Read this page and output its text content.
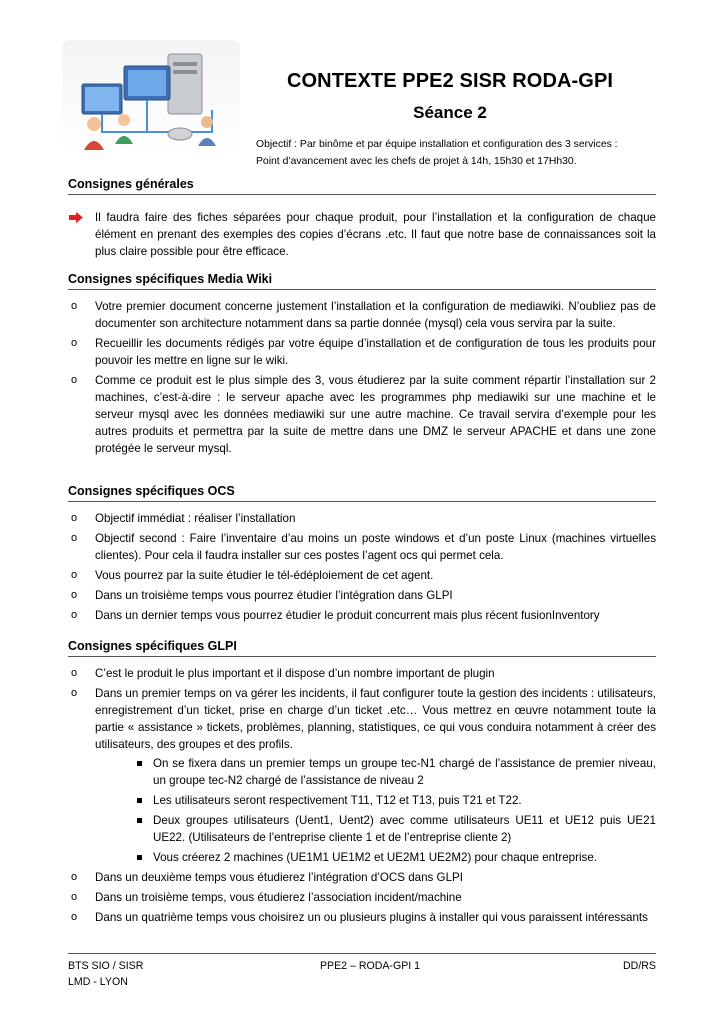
CONTEXTE PPE2 SISR RODA-GPI
Séance 2
Objectif : Par binôme et par équipe installation et configuration des 3 services :
Point d’avancement avec les chefs de projet à 14h, 15h30 et 17Hh30.
Consignes générales
Il faudra faire des fiches séparées pour chaque produit, pour l’installation et la configuration de chaque élément en prenant des exemples des copies d’écrans .etc. Il faut que notre base de connaissances soit la plus claire possible pour être efficace.
Consignes spécifiques Media Wiki
o Votre premier document concerne justement l’installation et la configuration de mediawiki. N’oubliez pas de documenter son architecture notamment dans sa partie donnée (mysql) cela vous servira par la suite.
o Recueillir les documents rédigés par votre équipe d’installation et de configuration de tous les produits pour pouvoir les mettre en ligne sur le wiki.
o Comme ce produit est le plus simple des 3, vous étudierez par la suite comment répartir l’installation sur 2 machines, c’est-à-dire : le serveur apache avec les programmes php mediawiki sur une machine et le serveur mysql avec les données mediawiki sur une autre machine. Ce travail servira d’exemple pour les autres produits et permettra par la suite de mettre dans une DMZ le serveur APACHE et dans une zone protégée le serveur mysql.
Consignes spécifiques OCS
o Objectif immédiat : réaliser l’installation
o Objectif second : Faire l’inventaire d’au moins un poste windows et d’un poste Linux (machines virtuelles clientes). Pour cela il faudra installer sur ces postes l’agent ocs qui permet cela.
o Vous pourrez par la suite étudier le tél-édéploiement de cet agent.
o Dans un troisième temps vous pourrez étudier l’intégration dans GLPI
o Dans un dernier temps vous pourrez étudier le produit concurrent mais plus récent fusionInventory
Consignes spécifiques GLPI
o C’est le produit le plus important et il dispose d’un nombre important de plugin
o Dans un premier temps on va gérer les incidents, il faut configurer toute la gestion des incidents : utilisateurs, enregistrement d’un ticket, prise en charge d’un ticket .etc… Vous mettrez en œuvre notamment toute la partie « assistance » tickets, problèmes, planning, statistiques, ce qui vous conduira notamment à créer des utilisateurs, des groupes et des profils.
On se fixera dans un premier temps un groupe tec-N1 chargé de l’assistance de premier niveau, un groupe tec-N2 chargé de l’assistance de niveau 2
Les utilisateurs seront respectivement T11, T12 et T13, puis T21 et T22.
Deux groupes utilisateurs (Uent1, Uent2) avec comme utilisateurs UE11 et UE12 puis UE21 UE22. (Utilisateurs de l’entreprise cliente 1 et de l’entreprise cliente 2)
Vous créerez 2 machines (UE1M1 UE1M2 et UE2M1 UE2M2) pour chaque entreprise.
o Dans un deuxième temps vous étudierez l’intégration d’OCS dans GLPI
o Dans un troisième temps, vous étudierez l’association incident/machine
o Dans un quatrième temps vous choisirez un ou plusieurs plugins à installer qui vous paraissent intéressants
BTS SIO / SISR
LMD - LYON
PPE2 – RODA-GPI 1	DD/RS
